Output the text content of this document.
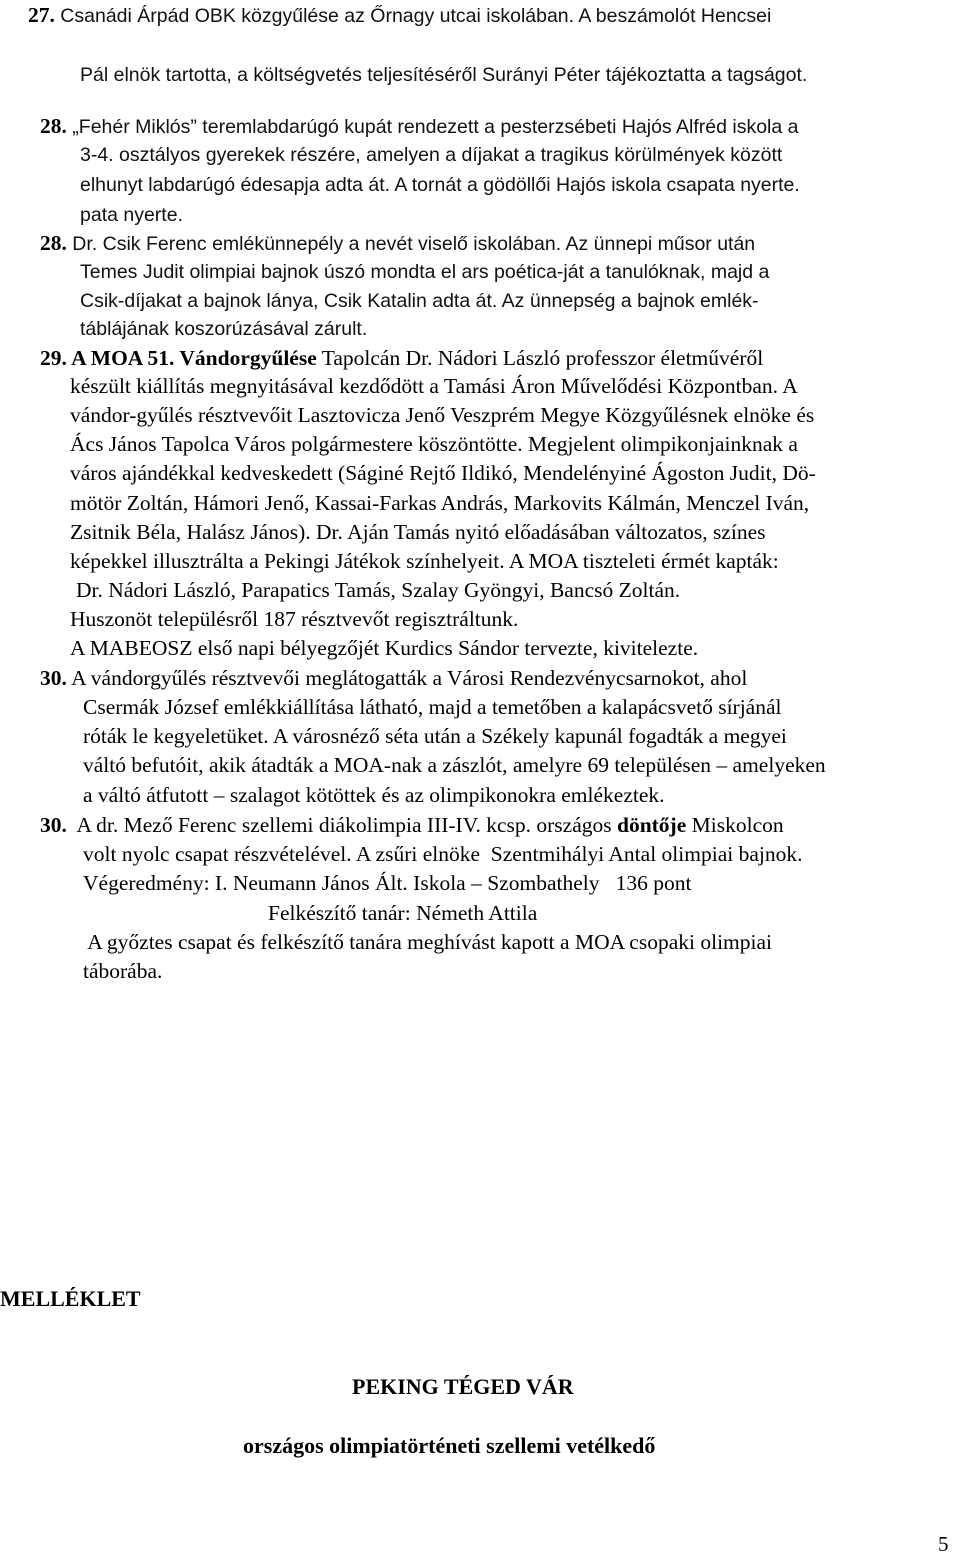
27. Csanádi Árpád OBK közgyűlése az Őrnagy utcai iskolában. A beszámolót Hencsei
Pál elnök tartotta, a költségvetés teljesítéséről Surányi Péter tájékoztatta a tagságot.
28. „Fehér Miklós” teremlabdarúgó kupát rendezett a pesterzsébeti Hajós Alfréd iskola a
3-4. osztályos gyerekek részére, amelyen a díjakat a tragikus körülmények között
elhunyt labdarúgó édesapja adta át. A tornát a gödöllői Hajós iskola csapata nyerte.
pata nyerte.
28. Dr. Csik Ferenc emlékünnepély a nevét viselő iskolában. Az ünnepi műsor után
Temes Judit olimpiai bajnok úszó mondta el ars poética-ját a tanulóknak, majd a
Csik-díjakat a bajnok lánya, Csik Katalin adta át. Az ünnepség a bajnok emlék-
táblájának koszorúzásával zárult.
29. A MOA 51. Vándorgyűlése Tapolcán Dr. Nádori László professzor életművéről
készült kiállítás megnyitásával kezdődött a Tamási Áron Művelődési Központban. A
vándor-gyűlés résztvevőit Lasztovicza Jenő Veszprém Megye Közgyűlésnek elnöke és
Ács János Tapolca Város polgármestere köszöntötte. Megjelent olimpikonjainknak a
város ajándékkal kedveskedett (Ságiné Rejtő Ildikó, Mendelényiné Ágoston Judit, Dö-
mötör Zoltán, Hámori Jenő, Kassai-Farkas András, Markovits Kálmán, Menczel Iván,
Zsitnik Béla, Halász János). Dr. Aján Tamás nyitó előadásában változatos, színes
képekkel illusztrálta a Pekingi Játékok színhelyeit. A MOA tiszteleti érmét kapták:
Dr. Nádori László, Parapatics Tamás, Szalay Gyöngyi, Bancsó Zoltán.
Huszonöt településről 187 résztvevőt regisztráltunk.
A MABEOSZ első napi bélyegzőjét Kurdics Sándor tervezte, kivitelezte.
30. A vándorgyűlés résztvevői meglátogatták a Városi Rendezvénycsarnokot, ahol
Csermák József emlékkiállítása látható, majd a temetőben a kalapácsvető sírjánál
róták le kegyeletüket. A városnéző séta után a Székely kapunál fogadták a megyei
váltó befutóit, akik átadták a MOA-nak a zászlót, amelyre 69 településen – amelyeken
a váltó átfutott – szalagot kötöttek és az olimpikonokra emlékeztek.
30.  A dr. Mező Ferenc szellemi diákolimpia III-IV. kcsp. országos döntője Miskolcon
volt nyolc csapat részvételével. A zsűri elnöke  Szentmihályi Antal olimpiai bajnok.
Végeredmény: I. Neumann János Ált. Iskola – Szombathely   136 pont
Felkészítő tanár: Németh Attila
A győztes csapat és felkészítő tanára meghívást kapott a MOA csopaki olimpiai
táborába.
MELLÉKLET
PEKING TÉGED VÁR
országos olimpiatörténeti szellemi vetélkedő
5
